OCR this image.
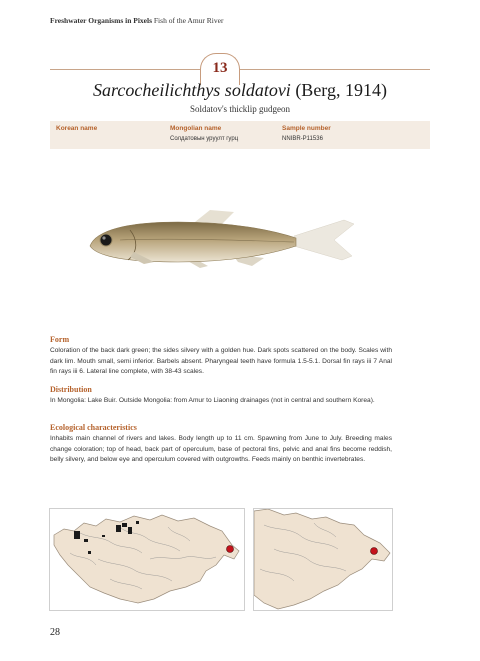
Freshwater Organisms in Pixels Fish of the Amur River
13
Sarcocheilichthys soldatovi (Berg, 1914)
Soldatov's thicklip gudgeon
Korean name	Mongolian name
Солдатовын уруулт гурц
Sample number
NNIBR-P11536
Form
Coloration of the back dark green; the sides silvery with a golden hue. Dark spots scattered on the body. Scales with dark lim. Mouth small, semi inferior. Barbels absent. Pharyngeal teeth have formula 1.5-5.1. Dorsal fin rays iii 7 Anal fin rays iii 6. Lateral line complete, with 38-43 scales.
Distribution
In Mongolia: Lake Buir. Outside Mongolia: from Amur to Liaoning drainages (not in central and southern Korea).
Ecological characteristics
Inhabits main channel of rivers and lakes. Body length up to 11 cm. Spawning from June to July. Breeding males change coloration; top of head, back part of operculum, base of pectoral fins, pelvic and anal fins become reddish, belly silvery, and below eye and operculum covered with outgrowths. Feeds mainly on benthic invertebrates.
28
